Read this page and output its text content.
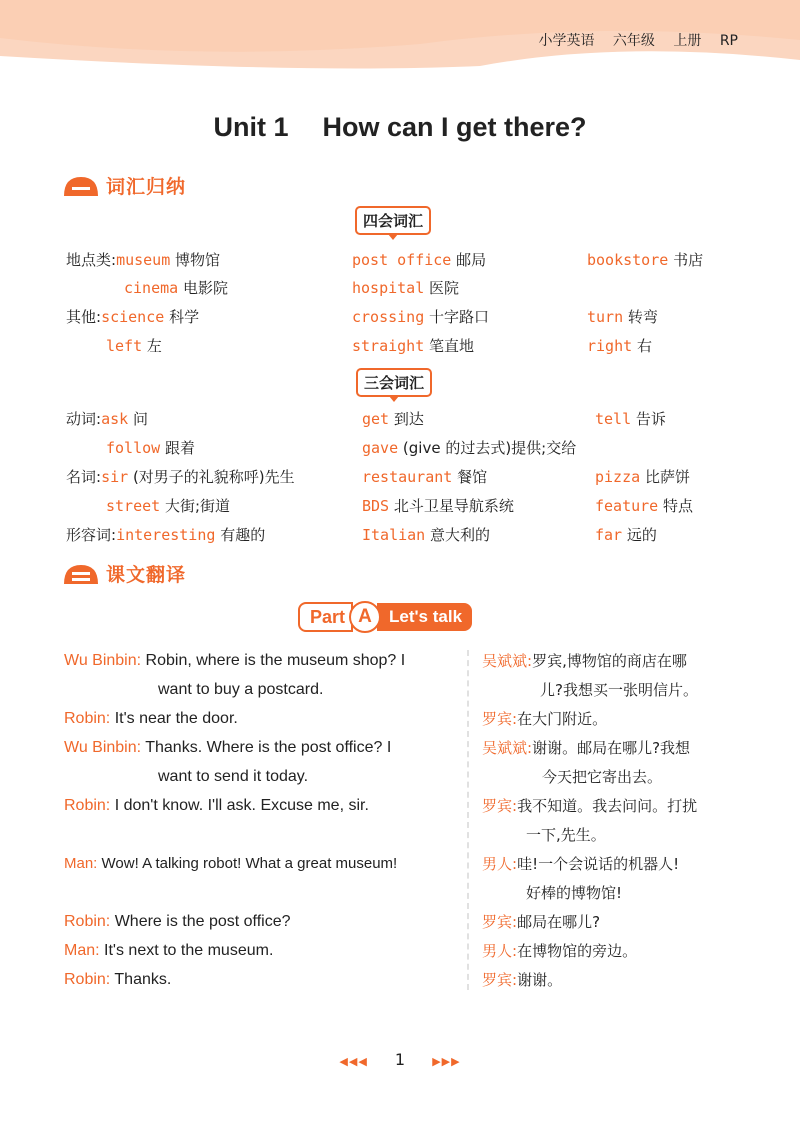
小学英语 六年级 上册 RP
Unit 1 How can I get there?
词汇归纳
四会词汇
地点类:museum 博物馆	post office 邮局	bookstore 书店
cinema 电影院	hospital 医院
其他:science 科学	crossing 十字路口	turn 转弯
left 左	straight 笔直地	right 右
三会词汇
动词:ask 问	get 到达	tell 告诉
follow 跟着	gave (give 的过去式)提供;交给
名词:sir (对男子的礼貌称呼)先生	restaurant 餐馆	pizza 比萨饼
street 大街;街道	BDS 北斗卫星导航系统	feature 特点
形容词:interesting 有趣的	Italian 意大利的	far 远的
课文翻译
Part A	Let's talk
Wu Binbin: Robin, where is the museum shop? I
want to buy a postcard.
Robin: It's near the door.
Wu Binbin: Thanks. Where is the post office? I
want to send it today.
Robin: I don't know. I'll ask. Excuse me, sir.
Man: Wow! A talking robot! What a great museum!
Robin: Where is the post office?
Man: It's next to the museum.
Robin: Thanks.
吴斌斌:罗宾,博物馆的商店在哪
儿?我想买一张明信片。
罗宾:在大门附近。
吴斌斌:谢谢。邮局在哪儿?我想
今天把它寄出去。
罗宾:我不知道。我去问问。打扰
一下,先生。
男人:哇!一个会说话的机器人!
好棒的博物馆!
罗宾:邮局在哪儿?
男人:在博物馆的旁边。
罗宾:谢谢。
◀◀◀ 1 ▶▶▶
